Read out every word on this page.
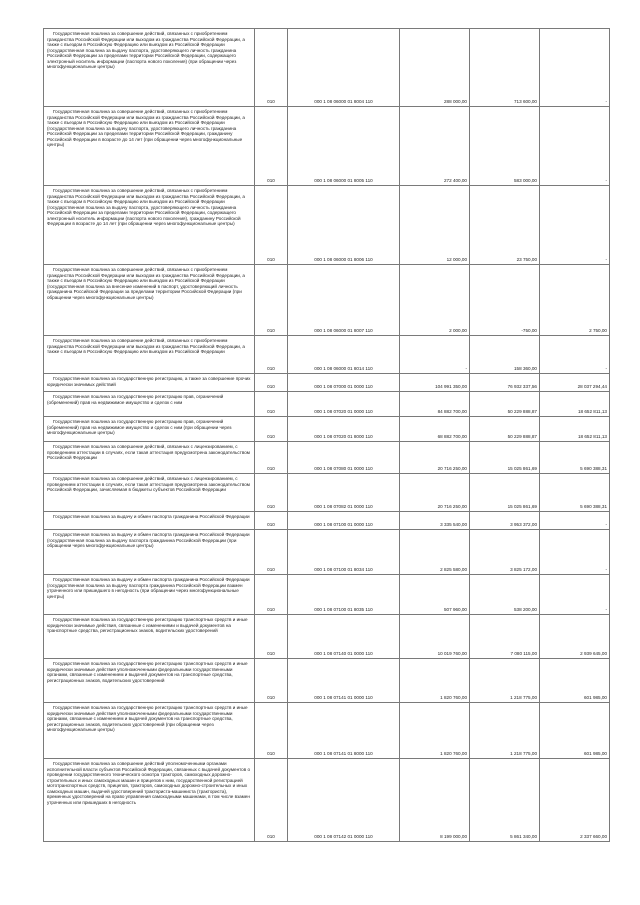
Государственная пошлина за совершение действий, связанных с приобретением гражданства Российской Федерации или выходом из гражданства Российской Федерации, а также с въездом в Российскую Федерацию или выездом из Российской Федерации (государственная пошлина за выдачу паспорта, удостоверяющего личность гражданина Российской Федерации за пределами территории Российской Федерации, содержащего электронный носитель информации (паспорта нового поколения) (при обращении через многофункциональные центры)	010	000 1 08 06000 01 8004 110	288 000,00	713 600,00	-

Государственная пошлина за совершение действий, связанных с приобретением гражданства Российской Федерации или выходом из гражданства Российской Федерации, а также с въездом в Российскую Федерацию или выездом из Российской Федерации (государственная пошлина за выдачу паспорта, удостоверяющего личность гражданина Российской Федерации за пределами территории Российской Федерации, гражданину Российской Федерации в возрасте до 14 лет (при обращении через многофункциональные центры)	010	000 1 08 06000 01 8005 110	272 400,00	583 000,00	-

Государственная пошлина за совершение действий, связанных с приобретением гражданства Российской Федерации или выходом из гражданства Российской Федерации, а также с въездом в Российскую Федерацию или выездом из Российской Федерации (государственная пошлина за выдачу паспорта, удостоверяющего личность гражданина Российской Федерации за пределами территории Российской Федерации, содержащего электронный носитель информации (паспорта нового поколения), гражданину Российской Федерации в возрасте до 14 лет (при обращении через многофункциональные центры)	010	000 1 08 06000 01 8006 110	12 000,00	23 750,00	-

Государственная пошлина за совершение действий, связанных с приобретением гражданства Российской Федерации или выходом из гражданства Российской Федерации, а также с въездом в Российскую Федерацию или выездом из Российской Федерации (государственная пошлина за внесение изменений в паспорт, удостоверяющий личность гражданина Российской Федерации за пределами территории Российской Федерации (при обращении через многофункциональные центры)	010	000 1 08 06000 01 8007 110	2 000,00	-750,00	2 750,00

Государственная пошлина за совершение действий, связанных с приобретением гражданства Российской Федерации или выходом из гражданства Российской Федерации, а также с въездом в Российскую Федерацию или выездом из Российской Федерации	010	000 1 08 06000 01 8014 110	-	158 360,00	-

Государственная пошлина за государственную регистрацию, а также за совершение прочих юридически значимых действий	010	000 1 08 07000 01 0000 110	104 991 350,00	76 932 337,56	28 037 294,44

Государственная пошлина за государственную регистрацию прав, ограничений (обременений) прав на недвижимое имущество и сделок с ним	010	000 1 08 07020 01 0000 110	84 882 700,00	50 229 888,87	18 652 811,13

Государственная пошлина за государственную регистрацию прав, ограничений (обременений) прав на недвижимое имущество и сделок с ним (при обращении через многофункциональные центры)	010	000 1 08 07020 01 8000 110	68 882 700,00	50 229 888,87	18 652 811,13

Государственная пошлина за совершение действий, связанных с лицензированием, с проведением аттестации в случаях, если такая аттестация предусмотрена законодательством Российской Федерации	010	000 1 08 07080 01 0000 110	20 716 250,00	15 025 861,69	5 690 388,31

Государственная пошлина за совершение действий, связанных с лицензированием, с проведением аттестации в случаях, если такая аттестация предусмотрена законодательством Российской Федерации, зачисляемая в бюджеты субъектов Российской Федерации	010	000 1 08 07082 01 0000 110	20 716 250,00	15 025 861,69	5 690 388,31

Государственная пошлина за выдачу и обмен паспорта гражданина Российской Федерации	010	000 1 08 07100 01 0000 110	3 335 540,00	3 953 372,00	-

Государственная пошлина за выдачу и обмен паспорта гражданина Российской Федерации (государственная пошлина за выдачу паспорта гражданина Российской Федерации (при обращении через многофункциональные центры)	010	000 1 08 07100 01 8034 110	2 825 580,00	3 825 172,00	-

Государственная пошлина за выдачу и обмен паспорта гражданина Российской Федерации (государственная пошлина за выдачу паспорта гражданина Российской Федерации взамен утраченного или пришедшего в негодность (при обращении через многофункциональные центры)	010	000 1 08 07100 01 8035 110	507 960,00	538 200,00	-

Государственная пошлина за государственную регистрацию транспортных средств и иные юридически значимые действия, связанные с изменениями и выдачей документов на транспортные средства, регистрационных знаков, водительских удостоверений	010	000 1 08 07140 01 0000 110	10 019 760,00	7 080 115,00	2 939 645,00

Государственная пошлина за государственную регистрацию транспортных средств и иные юридически значимые действия уполномоченными федеральными государственными органами, связанные с изменением и выдачей документов на транспортные средства, регистрационных знаков, водительских удостоверений	010	000 1 08 07141 01 0000 110	1 820 760,00	1 218 775,00	601 985,00

Государственная пошлина за государственную регистрацию транспортных средств и иные юридически значимые действия уполномоченными федеральными государственными органами, связанные с изменением и выдачей документов на транспортные средства, регистрационных знаков, водительских удостоверений (при обращении через многофункциональные центры)	010	000 1 08 07141 01 8000 110	1 820 760,00	1 218 775,00	601 985,00

Государственная пошлина за совершение действий уполномоченными органами исполнительной власти субъектов Российской Федерации, связанных с выдачей документов о проведении государственного технического осмотра тракторов, самоходных дорожно-строительных и иных самоходных машин и прицепов к ним, государственной регистрацией мототранспортных средств, прицепов, тракторов, самоходных дорожно-строительных и иных самоходных машин, выдачей удостоверений тракториста-машиниста (тракториста), временных удостоверений на право управления самоходными машинами, в том числе взамен утраченных или пришедших в негодность	010	000 1 08 07142 01 0000 110	8 199 000,00	5 861 340,00	2 337 660,00
